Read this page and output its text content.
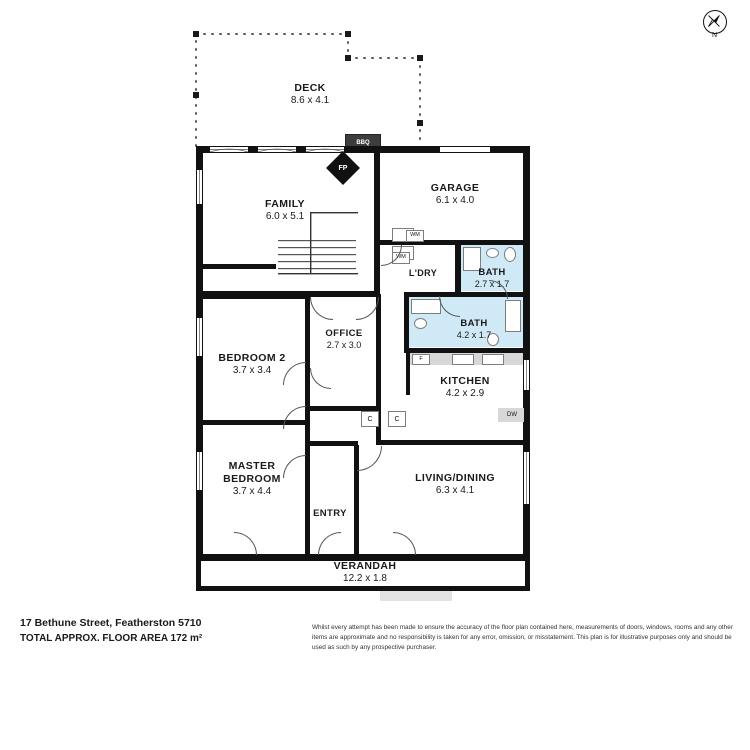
N
DECK
8.6 x 4.1
BBQ
VERANDAH
12.2 x 1.8
FAMILY
6.0 x 5.1
FP
GARAGE
6.1 x 4.0
L'DRY
WM
WM
BATH
2.7 x 1.7
BATH
4.2 x 1.7
KITCHEN
4.2 x 2.9
F
DW
C	C
OFFICE
2.7 x 3.0
BEDROOM 2
3.7 x 3.4
MASTER
BEDROOM
3.7 x 4.4
LIVING/DINING
6.3 x 4.1
ENTRY
17 Bethune Street, Featherston 5710
TOTAL APPROX. FLOOR AREA 172 m²
Whilst every attempt has been made to ensure the accuracy of the floor plan contained here, measurements of doors, windows, rooms and any other items are approximate and no responsibility is taken for any error, omission, or misstatement. This plan is for illustrative purposes only and should be used as such by any prospective purchaser.
